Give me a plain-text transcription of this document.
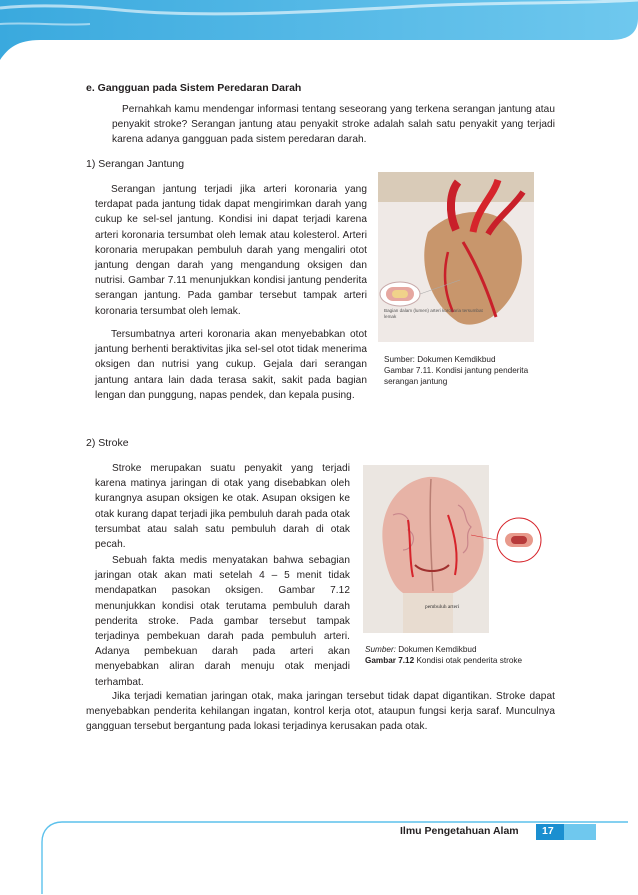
e. Gangguan pada Sistem Peredaran Darah

Pernahkah kamu mendengar informasi tentang seseorang yang terkena serangan jantung atau penyakit stroke? Serangan jantung atau penyakit stroke adalah salah satu penyakit yang terjadi karena adanya gangguan pada sistem peredaran darah.

1) Serangan Jantung

Serangan jantung terjadi jika arteri koronaria yang terdapat pada jantung tidak dapat mengirimkan darah yang cukup ke sel-sel jantung. Kondisi ini dapat terjadi karena arteri koronaria tersumbat oleh lemak atau kolesterol. Arteri koronaria merupakan pembuluh darah yang mengaliri otot jantung dengan darah yang mengandung oksigen dan nutrisi. Gambar 7.11 menunjukkan kondisi jantung penderita serangan jantung. Pada gambar tersebut tampak arteri koronaria tersumbat oleh lemak.

Tersumbatnya arteri koronaria akan menyebabkan otot jantung berhenti beraktivitas jika sel-sel otot tidak menerima oksigen dan nutrisi yang cukup. Gejala dari serangan jantung antara lain dada terasa sakit, sakit pada bagian lengan dan punggung, napas pendek, dan kepala pusing.

Bagian dalam (lumen) arteri koronaria tersumbat lemak
Sumber: Dokumen Kemdikbud
Gambar 7.11. Kondisi jantung penderita serangan jantung

2) Stroke

Stroke merupakan suatu penyakit yang terjadi karena matinya jaringan di otak yang disebabkan oleh kurangnya asupan oksigen ke otak. Asupan oksigen ke otak kurang dapat terjadi jika pembuluh darah pada otak tersumbat atau salah satu pembuluh darah di otak pecah.

Sebuah fakta medis menyatakan bahwa sebagian jaringan otak akan mati setelah 4 – 5 menit tidak mendapatkan pasokan oksigen. Gambar 7.12 menunjukkan kondisi otak terutama pembuluh darah penderita stroke. Pada gambar tersebut tampak terjadinya pembekuan darah pada pembuluh arteri. Adanya pembekuan darah pada arteri akan menyebabkan aliran darah menuju otak menjadi terhambat.

pembuluh arteri
Sumber: Dokumen Kemdikbud
Gambar 7.12 Kondisi otak penderita stroke

Jika terjadi kematian jaringan otak, maka jaringan tersebut tidak dapat digantikan. Stroke dapat menyebabkan penderita kehilangan ingatan, kontrol kerja otot, ataupun fungsi kerja saraf. Munculnya gangguan tersebut bergantung pada lokasi terjadinya kerusakan pada otak.

Ilmu Pengetahuan Alam 17
